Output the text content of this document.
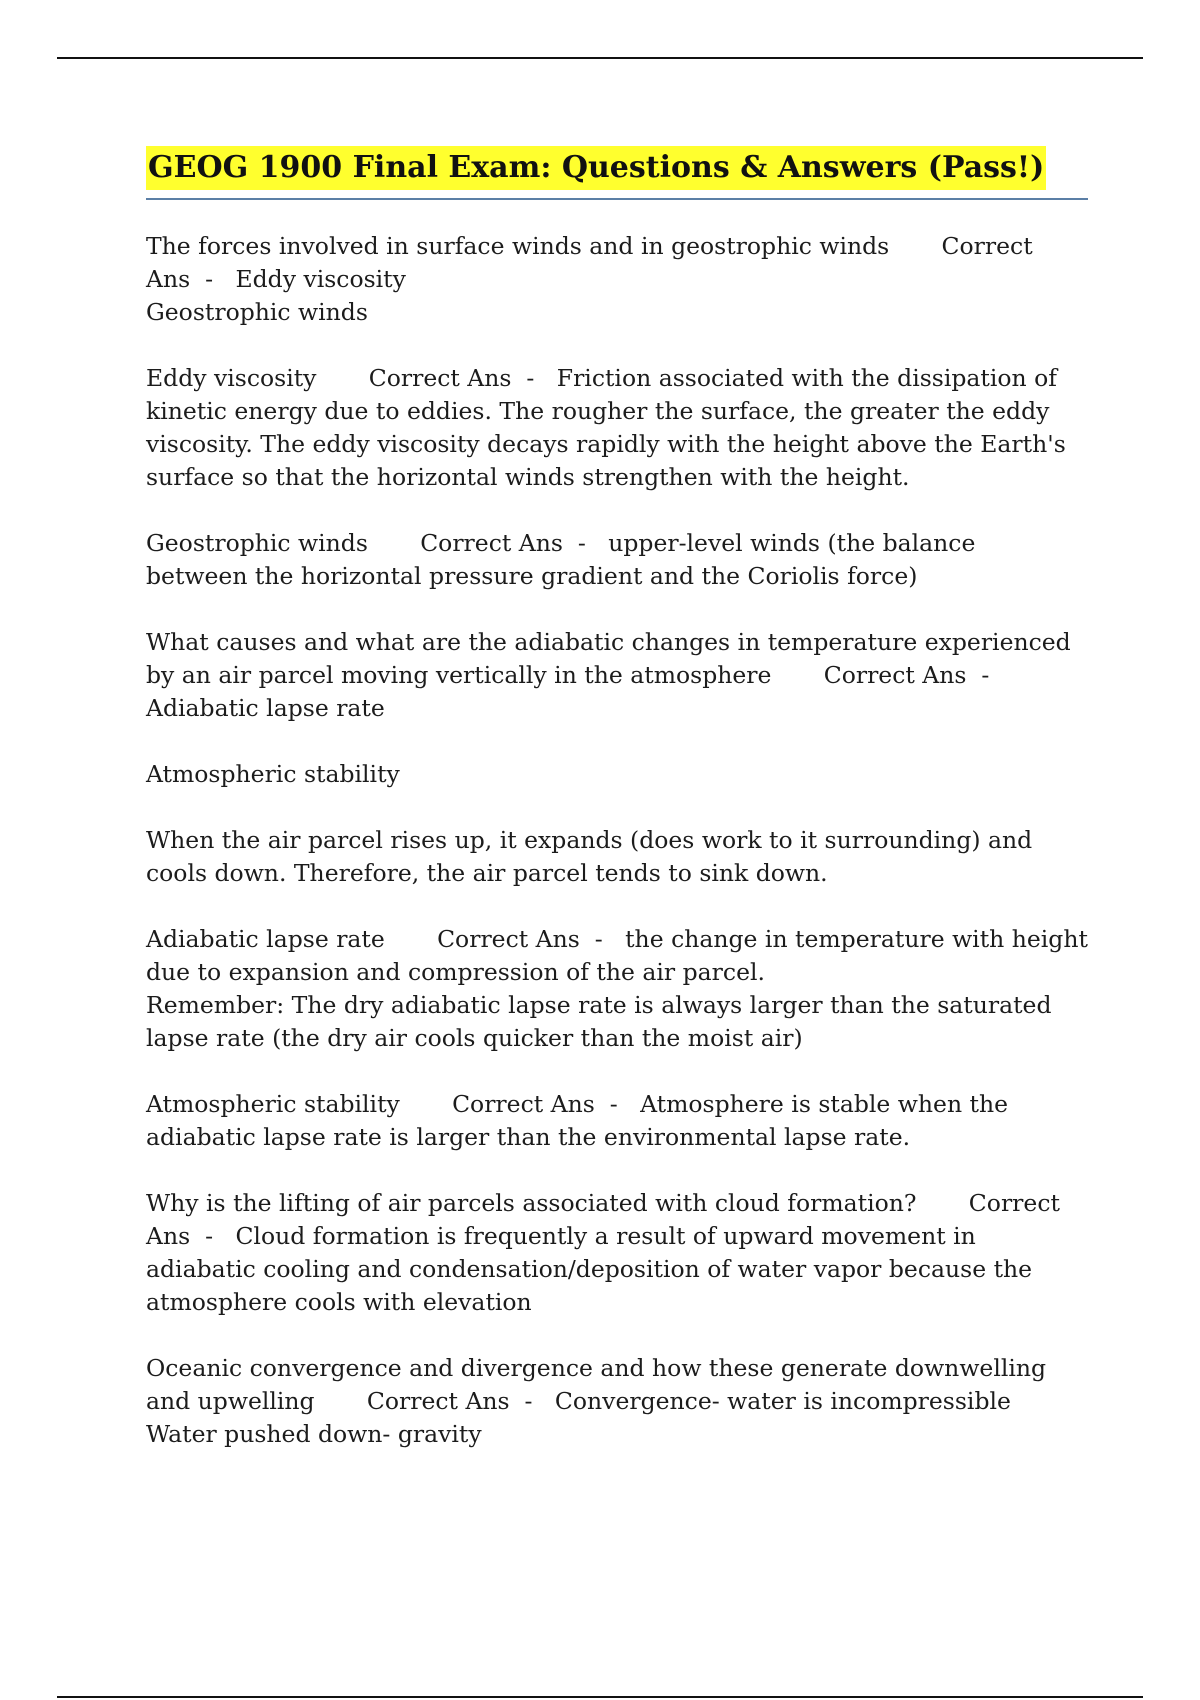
GEOG 1900 Final Exam: Questions & Answers (Pass!)
The forces involved in surface winds and in geostrophic winds       Correct
Ans  -   Eddy viscosity
Geostrophic winds
Eddy viscosity       Correct Ans  -   Friction associated with the dissipation of
kinetic energy due to eddies. The rougher the surface, the greater the eddy
viscosity. The eddy viscosity decays rapidly with the height above the Earth's
surface so that the horizontal winds strengthen with the height.
Geostrophic winds       Correct Ans  -   upper-level winds (the balance
between the horizontal pressure gradient and the Coriolis force)
What causes and what are the adiabatic changes in temperature experienced
by an air parcel moving vertically in the atmosphere       Correct Ans  -
Adiabatic lapse rate
Atmospheric stability
When the air parcel rises up, it expands (does work to it surrounding) and
cools down. Therefore, the air parcel tends to sink down.
Adiabatic lapse rate       Correct Ans  -   the change in temperature with height
due to expansion and compression of the air parcel.
Remember: The dry adiabatic lapse rate is always larger than the saturated
lapse rate (the dry air cools quicker than the moist air)
Atmospheric stability       Correct Ans  -   Atmosphere is stable when the
adiabatic lapse rate is larger than the environmental lapse rate.
Why is the lifting of air parcels associated with cloud formation?       Correct
Ans  -   Cloud formation is frequently a result of upward movement in
adiabatic cooling and condensation/deposition of water vapor because the
atmosphere cools with elevation
Oceanic convergence and divergence and how these generate downwelling
and upwelling       Correct Ans  -   Convergence- water is incompressible
Water pushed down- gravity
